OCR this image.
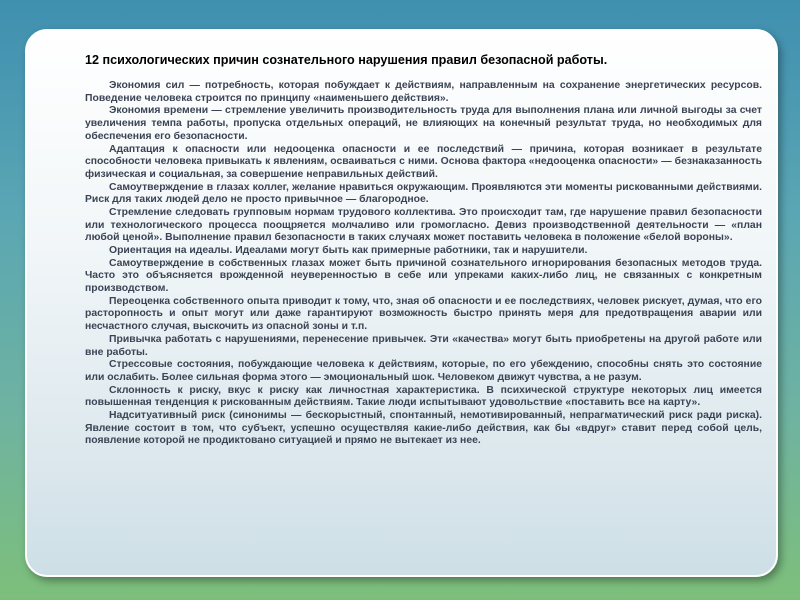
12 психологических причин сознательного нарушения правил безопасной работы.

Экономия сил — потребность, которая побуждает к действиям, направленным на сохранение энергетических ресурсов. Поведение человека строится по принципу «наименьшего действия».

Экономия времени — стремление увеличить производительность труда для выполнения плана или личной выгоды за счет увеличения темпа работы, пропуска отдельных операций, не влияющих на конечный результат труда, но необходимых для обеспечения его безопасности.

Адаптация к опасности или недооценка опасности и ее последствий — причина, которая возникает в результате способности человека привыкать к явлениям, осваиваться с ними. Основа фактора «недооценка опасности» — безнаказанность физическая и социальная, за совершение неправильных действий.

Самоутверждение в глазах коллег, желание нравиться окружающим. Проявляются эти моменты рискованными действиями. Риск для таких людей дело не просто привычное — благородное.

Стремление следовать групповым нормам трудового коллектива. Это происходит там, где нарушение правил безопасности или технологического процесса поощряется молчаливо или громогласно. Девиз производственной деятельности — «план любой ценой». Выполнение правил безопасности в таких случаях может поставить человека в положение «белой вороны».

Ориентация на идеалы. Идеалами могут быть как примерные работники, так и нарушители.

Самоутверждение в собственных глазах может быть причиной сознательного игнорирования безопасных методов труда. Часто это объясняется врожденной неуверенностью в себе или упреками каких-либо лиц, не связанных с конкретным производством.

Переоценка собственного опыта приводит к тому, что, зная об опасности и ее последствиях, человек рискует, думая, что его расторопность и опыт могут или даже гарантируют возможность быстро принять меря для предотвращения аварии или несчастного случая, выскочить из опасной зоны и т.п.

Привычка работать с нарушениями, перенесение привычек. Эти «качества» могут быть приобретены на другой работе или вне работы.

Стрессовые состояния, побуждающие человека к действиям, которые, по его убеждению, способны снять это состояние или ослабить. Более сильная форма этого — эмоциональный шок. Человеком движут чувства, а не разум.

Склонность к риску, вкус к риску как личностная характеристика. В психической структуре некоторых лиц имеется повышенная тенденция к рискованным действиям. Такие люди испытывают удовольствие «поставить все на карту».

Надситуативный риск (синонимы — бескорыстный, спонтанный, немотивированный, непрагматический риск ради риска). Явление состоит в том, что субъект, успешно осуществляя какие-либо действия, как бы «вдруг» ставит перед собой цель, появление которой не продиктовано ситуацией и прямо не вытекает из нее.
